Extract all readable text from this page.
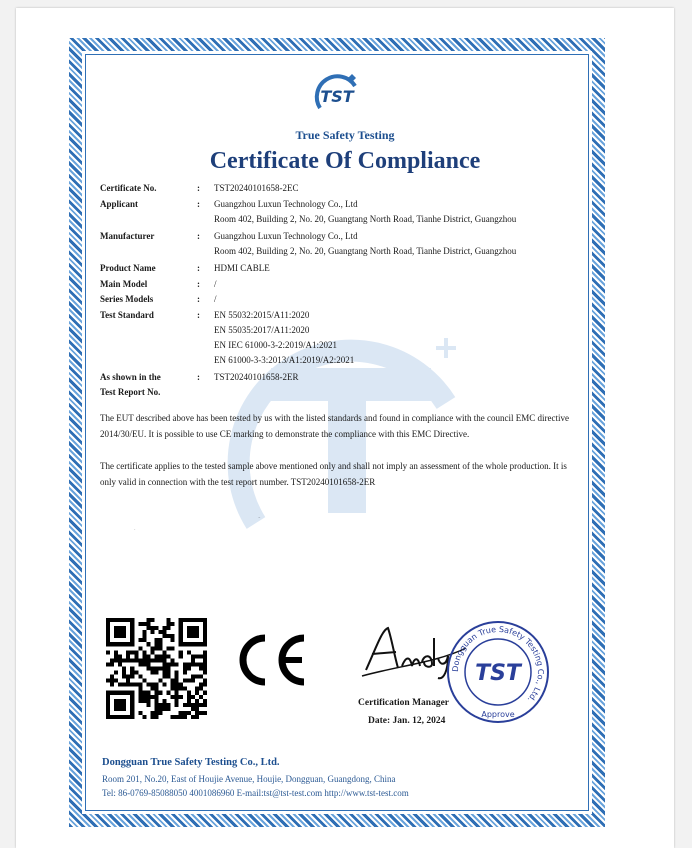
TST
True Safety Testing
Certificate Of Compliance
Certificate No.	: TST20240101658-2EC
Applicant	: Guangzhou Luxun Technology Co., Ltd
Room 402, Building 2, No. 20, Guangtang North Road, Tianhe District, Guangzhou
Manufacturer	: Guangzhou Luxun Technology Co., Ltd
Room 402, Building 2, No. 20, Guangtang North Road, Tianhe District, Guangzhou
Product Name	: HDMI CABLE
Main Model	: /
Series Models	: /
Test Standard	: EN 55032:2015/A11:2020
EN 55035:2017/A11:2020
EN IEC 61000-3-2:2019/A1:2021
EN 61000-3-3:2013/A1:2019/A2:2021
As shown in the
Test Report No.
: TST20240101658-2ER
The EUT described above has been tested by us with the listed standards and found in compliance with the council EMC directive 2014/30/EU. It is possible to use CE marking to demonstrate the compliance with this EMC Directive.
The certificate applies to the tested sample above mentioned only and shall not imply an assessment of the whole production. It is only valid in connection with the test report number. TST20240101658-2ER
CE
Andy
Dongguan True Safety Testing Co., Ltd.
TST
Approve
Certification Manager
Date: Jan. 12, 2024
Dongguan True Safety Testing Co., Ltd.
Room 201, No.20, East of Houjie Avenue, Houjie, Dongguan, Guangdong, China
Tel: 86-0769-85088050 4001086960 E-mail:tst@tst-test.com http://www.tst-test.com
